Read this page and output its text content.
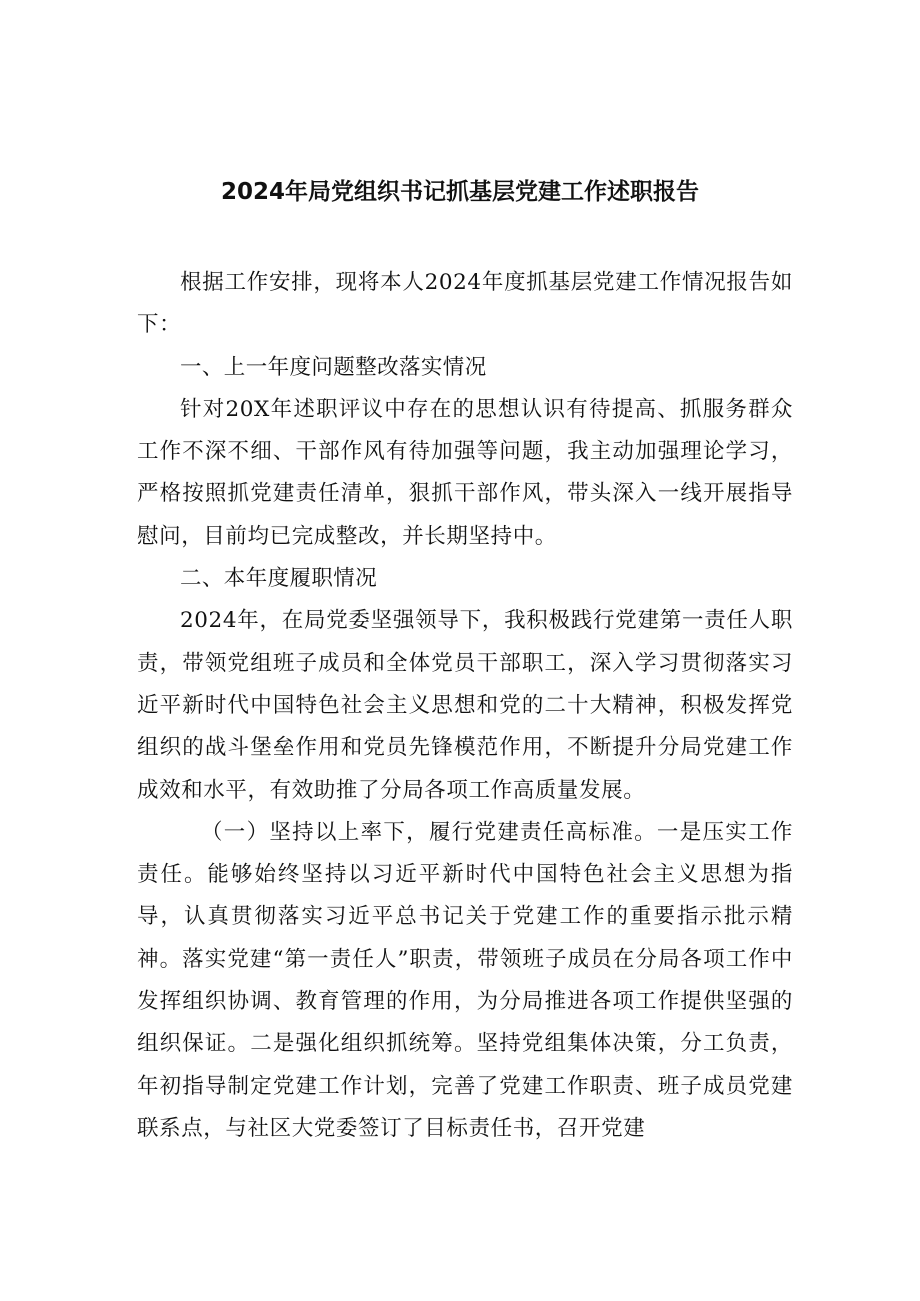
2024年局党组织书记抓基层党建工作述职报告

根据工作安排，现将本人2024年度抓基层党建工作情况报告如下：

一、上一年度问题整改落实情况

针对20X年述职评议中存在的思想认识有待提高、抓服务群众工作不深不细、干部作风有待加强等问题，我主动加强理论学习，严格按照抓党建责任清单，狠抓干部作风，带头深入一线开展指导慰问，目前均已完成整改，并长期坚持中。

二、本年度履职情况

2024年，在局党委坚强领导下，我积极践行党建第一责任人职责，带领党组班子成员和全体党员干部职工，深入学习贯彻落实习近平新时代中国特色社会主义思想和党的二十大精神，积极发挥党组织的战斗堡垒作用和党员先锋模范作用，不断提升分局党建工作成效和水平，有效助推了分局各项工作高质量发展。

（一）坚持以上率下，履行党建责任高标准。一是压实工作责任。能够始终坚持以习近平新时代中国特色社会主义思想为指导，认真贯彻落实习近平总书记关于党建工作的重要指示批示精神。落实党建“第一责任人”职责，带领班子成员在分局各项工作中发挥组织协调、教育管理的作用，为分局推进各项工作提供坚强的组织保证。二是强化组织抓统筹。坚持党组集体决策，分工负责，年初指导制定党建工作计划，完善了党建工作职责、班子成员党建联系点，与社区大党委签订了目标责任书，召开党建
